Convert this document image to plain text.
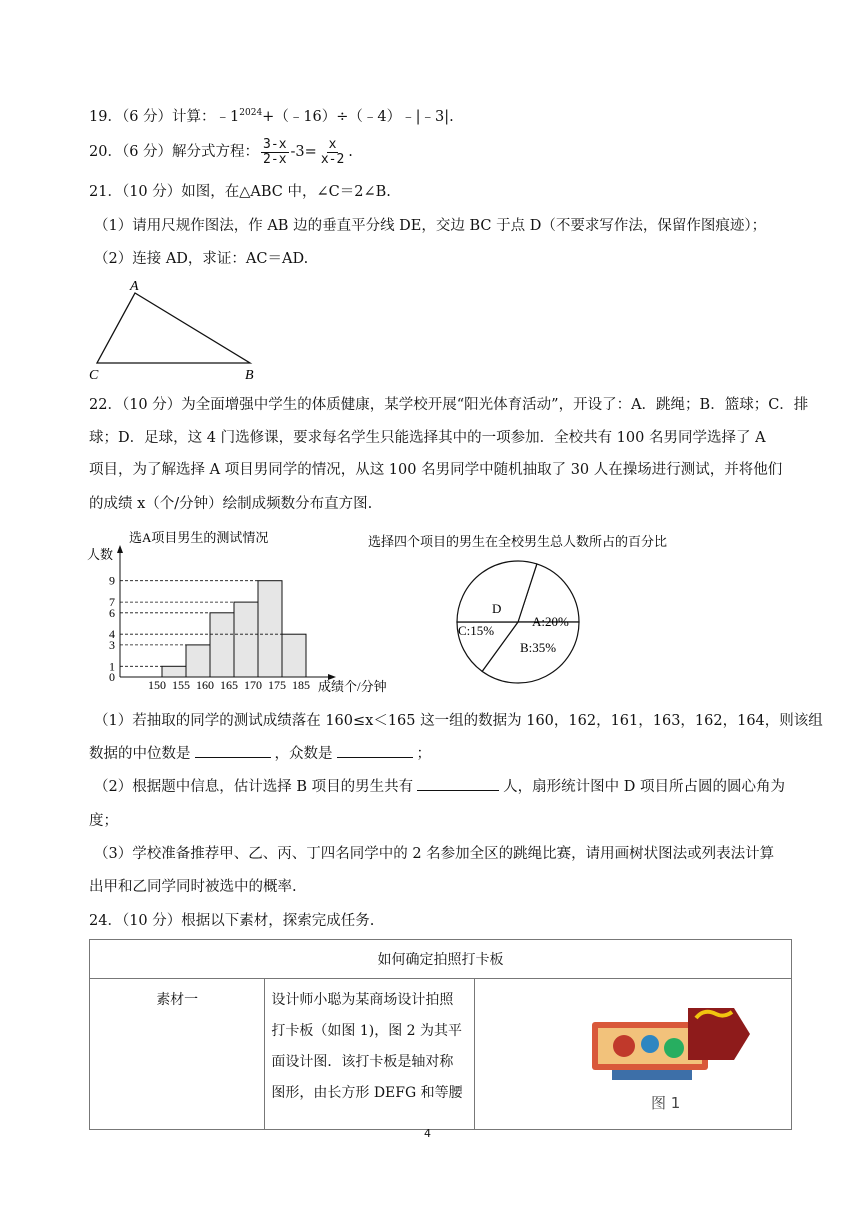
19．（6 分）计算：$﹣1^{2024}+(﹣16)\div(﹣4)﹣|﹣3|$.
20．（6 分）解分式方程： $\frac{3-x}{2-x} -3= \frac{x}{x-2}$ .
21．（10 分）如图，在△ABC 中，∠C＝2∠B.
（1）请用尺规作图法，作 AB 边的垂直平分线 DE，交边 BC 于点 D（不要求写作法，保留作图痕迹）；
（2）连接 AD，求证：AC＝AD.
A
C	B
22．（10 分）为全面增强中学生的体质健康，某学校开展“阳光体育活动”，开设了：A．跳绳；B．篮球；C．排
球；D．足球，这 4 门选修课，要求每名学生只能选择其中的一项参加．全校共有 100 名男同学选择了 A
项目，为了解选择 A 项目男同学的情况，从这 100 名男同学中随机抽取了 30 人在操场进行测试，并将他们
的成绩 x（个/分钟）绘制成频数分布直方图.
选A项目男生的测试情况
人数
成绩个/分钟
0
1
3
4
6
7
9
150 155 160 165 170 175 185
选择四个项目的男生在全校男生总人数所占的百分比
A:20%
B:35%
C:15%
D
（1）若抽取的同学的测试成绩落在 160≤x＜165 这一组的数据为 160，162，161，163，162，164，则该组
数据的中位数是	，众数是	；
（2）根据题中信息，估计选择 B 项目的男生共有	人，扇形统计图中 D 项目所占圆的圆心角为
度；
（3）学校准备推荐甲、乙、丙、丁四名同学中的 2 名参加全区的跳绳比赛，请用画树状图法或列表法计算
出甲和乙同学同时被选中的概率.
24．（10 分）根据以下素材，探索完成任务.
如何确定拍照打卡板
素材一	设计师小聪为某商场设计拍照
打卡板（如图 1)，图 2 为其平
面设计图．该打卡板是轴对称
图形，由长方形 DEFG 和等腰

图 1
4
